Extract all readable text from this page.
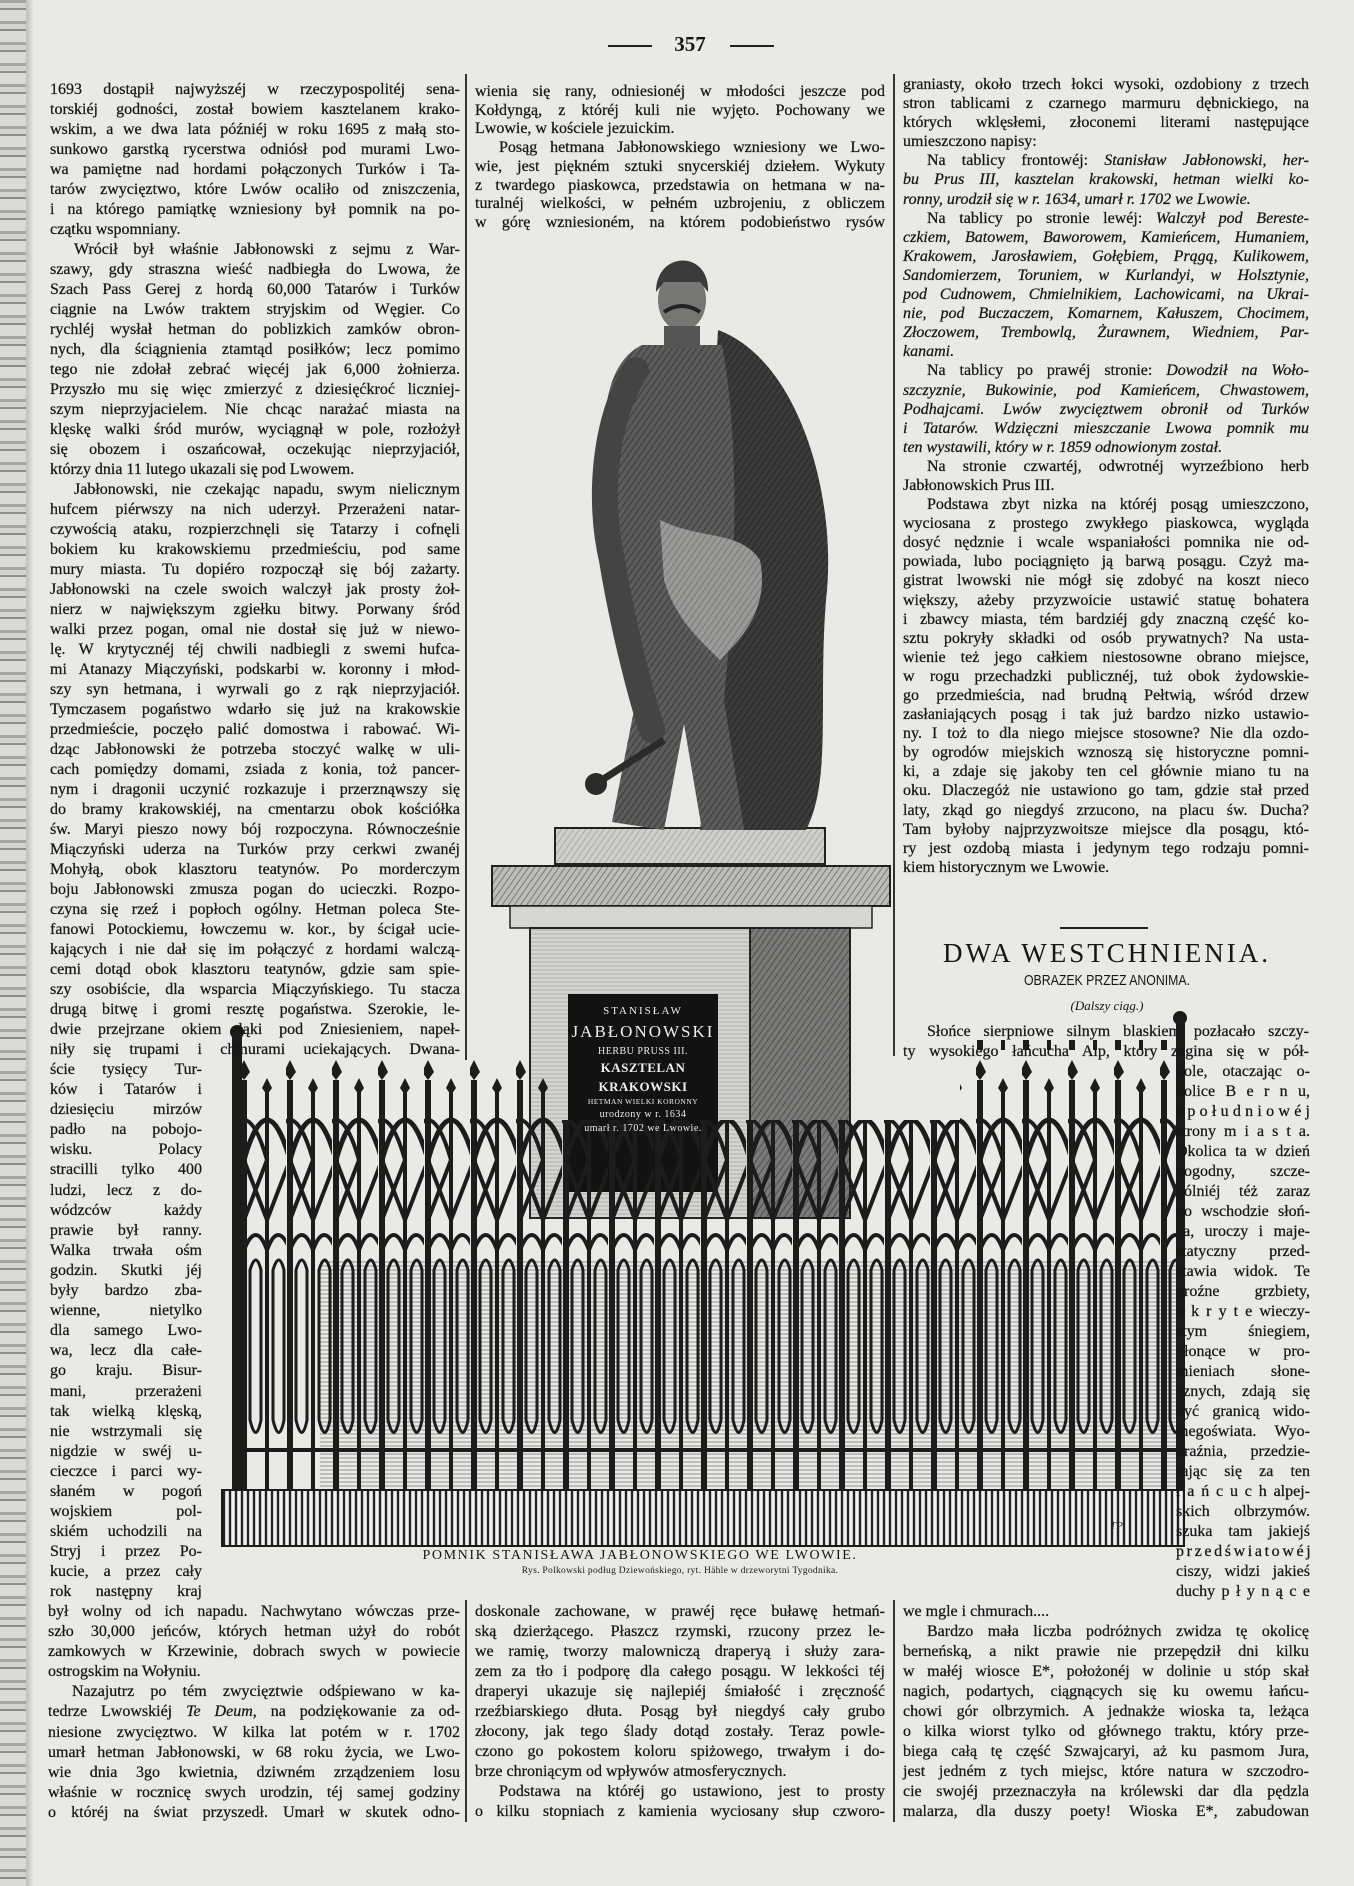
STANISŁAW
JABŁONOWSKI
HERBU PRUSS III.
KASZTELAN KRAKOWSKI
HETMAN WIELKI KORONNY
urodzony w r. 1634
umarł r. 1702 we Lwowie.
TP
357
1693 dostąpił najwyższéj w rzeczypospolitéj sena-
torskiéj godności, został bowiem kasztelanem krako-
wskim, a we dwa lata późniéj w roku 1695 z małą sto-
sunkowo garstką rycerstwa odniósł pod murami Lwo-
wa pamiętne nad hordami połączonych Turków i Ta-
tarów zwycięztwo, które Lwów ocaliło od zniszczenia,
i na którego pamiątkę wzniesiony był pomnik na po-
czątku wspomniany.
Wrócił był właśnie Jabłonowski z sejmu z War-
szawy, gdy straszna wieść nadbiegła do Lwowa, że
Szach Pass Gerej z hordą 60,000 Tatarów i Turków
ciągnie na Lwów traktem stryjskim od Węgier. Co
rychléj wysłał hetman do poblizkich zamków obron-
nych, dla ściągnienia ztamtąd posiłków; lecz pomimo
tego nie zdołał zebrać więcéj jak 6,000 żołnierza.
Przyszło mu się więc zmierzyć z dziesięćkroć liczniej-
szym nieprzyjacielem. Nie chcąc narażać miasta na
klęskę walki śród murów, wyciągnął w pole, rozłożył
się obozem i oszańcował, oczekując nieprzyjaciół,
którzy dnia 11 lutego ukazali się pod Lwowem.
Jabłonowski, nie czekając napadu, swym nielicznym
hufcem piérwszy na nich uderzył. Przerażeni natar-
czywością ataku, rozpierzchnęli się Tatarzy i cofnęli
bokiem ku krakowskiemu przedmieściu, pod same
mury miasta. Tu dopiéro rozpoczął się bój zażarty.
Jabłonowski na czele swoich walczył jak prosty żoł-
nierz w największym zgiełku bitwy. Porwany śród
walki przez pogan, omal nie dostał się już w niewo-
lę. W krytycznéj téj chwili nadbiegli z swemi hufca-
mi Atanazy Miączyński, podskarbi w. koronny i młod-
szy syn hetmana, i wyrwali go z rąk nieprzyjaciół.
Tymczasem pogaństwo wdarło się już na krakowskie
przedmieście, poczęło palić domostwa i rabować. Wi-
dząc Jabłonowski że potrzeba stoczyć walkę w uli-
cach pomiędzy domami, zsiada z konia, toż pancer-
nym i dragonii uczynić rozkazuje i przerznąwszy się
do bramy krakowskiéj, na cmentarzu obok kościółka
św. Maryi pieszo nowy bój rozpoczyna. Równocześnie
Miączyński uderza na Turków przy cerkwi zwanéj
Mohyłą, obok klasztoru teatynów. Po morderczym
boju Jabłonowski zmusza pogan do ucieczki. Rozpo-
czyna się rzeź i popłoch ogólny. Hetman poleca Ste-
fanowi Potockiemu, łowczemu w. kor., by ścigał ucie-
kających i nie dał się im połączyć z hordami walczą-
cemi dotąd obok klasztoru teatynów, gdzie sam spie-
szy osobiście, dla wsparcia Miączyńskiego. Tu stacza
drugą bitwę i gromi resztę pogaństwa. Szerokie, le-
dwie przejrzane okiem łąki pod Zniesieniem, napeł-
niły się trupami i chmurami uciekających. Dwana-
ście tysięcy Tur-
ków i Tatarów i
dziesięciu mirzów
padło na pobojo-
wisku. Polacy
stracilli tylko 400
ludzi, lecz z do-
wódzców każdy
prawie był ranny.
Walka trwała ośm
godzin. Skutki jéj
były bardzo zba-
wienne, nietylko
dla samego Lwo-
wa, lecz dla całe-
go kraju. Bisur-
mani, przerażeni
tak wielką klęską,
nie wstrzymali się
nigdzie w swéj u-
cieczce i parci wy-
słaném w pogoń
wojskiem pol-
skiém uchodzili na
Stryj i przez Po-
kucie, a przez cały
rok następny kraj
był wolny od ich napadu. Nachwytano wówczas prze-
szło 30,000 jeńców, których hetman użył do robót
zamkowych w Krzewinie, dobrach swych w powiecie
ostrogskim na Wołyniu.
Nazajutrz po tém zwycięztwie odśpiewano w ka-
tedrze Lwowskiéj Te Deum, na podziękowanie za od-
niesione zwycięztwo. W kilka lat potém w r. 1702
umarł hetman Jabłonowski, w 68 roku życia, we Lwo-
wie dnia 3go kwietnia, dziwném zrządzeniem losu
właśnie w rocznicę swych urodzin, téj samej godziny
o któréj na świat przyszedł. Umarł w skutek odno-
wienia się rany, odniesionéj w młodości jeszcze pod
Kołdyngą, z któréj kuli nie wyjęto. Pochowany we
Lwowie, w kościele jezuickim.
Posąg hetmana Jabłonowskiego wzniesiony we Lwo-
wie, jest piękném sztuki snycerskiéj dziełem. Wykuty
z twardego piaskowca, przedstawia on hetmana w na-
turalnéj wielkości, w pełném uzbrojeniu, z obliczem
w górę wzniesioném, na którem podobieństwo rysów
doskonale zachowane, w prawéj ręce buławę hetmań-
ską dzierżącego. Płaszcz rzymski, rzucony przez le-
we ramię, tworzy malowniczą draperyą i służy zara-
zem za tło i podporę dla całego posągu. W lekkości téj
draperyi ukazuje się najlepiéj śmiałość i zręczność
rzeźbiarskiego dłuta. Posąg był niegdyś cały grubo
złocony, jak tego ślady dotąd zostały. Teraz powle-
czono go pokostem koloru spiżowego, trwałym i do-
brze chroniącym od wpływów atmosferycznych.
Podstawa na któréj go ustawiono, jest to prosty
o kilku stopniach z kamienia wyciosany słup czworo-
graniasty, około trzech łokci wysoki, ozdobiony z trzech
stron tablicami z czarnego marmuru dębnickiego, na
których wklęsłemi, złoconemi literami następujące
umieszczono napisy:
Na tablicy frontowéj: Stanisław Jabłonowski, her-
bu Prus III, kasztelan krakowski, hetman wielki ko-
ronny, urodził się w r. 1634, umarł r. 1702 we Lwowie.
Na tablicy po stronie lewéj: Walczył pod Bereste-
czkiem, Batowem, Baworowem, Kamieńcem, Humaniem,
Krakowem, Jarosławiem, Gołębiem, Prągą, Kulikowem,
Sandomierzem, Toruniem, w Kurlandyi, w Holsztynie,
pod Cudnowem, Chmielnikiem, Lachowicami, na Ukrai-
nie, pod Buczaczem, Komarnem, Kałuszem, Chocimem,
Złoczowem, Trembowlą, Żurawnem, Wiedniem, Par-
kanami.
Na tablicy po prawéj stronie: Dowodził na Woło-
szczyznie, Bukowinie, pod Kamieńcem, Chwastowem,
Podhajcami. Lwów zwycięztwem obronił od Turków
i Tatarów. Wdzięczni mieszczanie Lwowa pomnik mu
ten wystawili, który w r. 1859 odnowionym został.
Na stronie czwartéj, odwrotnéj wyrzeźbiono herb
Jabłonowskich Prus III.
Podstawa zbyt nizka na któréj posąg umieszczono,
wyciosana z prostego zwykłego piaskowca, wygląda
dosyć nędznie i wcale wspaniałości pomnika nie od-
powiada, lubo pociągnięto ją barwą posągu. Czyż ma-
gistrat lwowski nie mógł się zdobyć na koszt nieco
większy, ażeby przyzwoicie ustawić statuę bohatera
i zbawcy miasta, tém bardziéj gdy znaczną część ko-
sztu pokryły składki od osób prywatnych? Na usta-
wienie też jego całkiem niestosowne obrano miejsce,
w rogu przechadzki publicznéj, tuż obok żydowskie-
go przedmieścia, nad brudną Pełtwią, wśród drzew
zasłaniających posąg i tak już bardzo nizko ustawio-
ny. I toż to dla niego miejsce stosowne? Nie dla ozdo-
by ogrodów miejskich wznoszą się historyczne pomni-
ki, a zdaje się jakoby ten cel głównie miano tu na
oku. Dlaczegóż nie ustawiono go tam, gdzie stał przed
laty, zkąd go niegdyś zrzucono, na placu św. Ducha?
Tam byłoby najprzyzwoitsze miejsce dla posągu, któ-
ry jest ozdobą miasta i jedynym tego rodzaju pomni-
kiem historycznym we Lwowie.
DWA WESTCHNIENIA.
OBRAZEK PRZEZ ANONIMA.
(Dalszy ciąg.)
Słońce sierpniowe silnym blaskiem pozłacało szczy-
ty wysokiego łańcucha Alp, który zagina się w pół-
kole, otaczając o-
kolice B e r n u,
z p o ł u d n i o w é j
strony m i a s t a.
Okolica ta w dzień
pogodny, szcze-
gólniéj téż zaraz
po wschodzie słoń-
ca, uroczy i maje-
statyczny przed-
stawia widok. Te
groźne grzbiety,
o k r y t e wieczy-
stym śniegiem,
płonące w pro-
mieniach słone-
cznych, zdają się
być granicą wido-
megoświata. Wyo-
braźnia, przedzie-
rając się za ten
ł a ń c u c h alpej-
skich olbrzymów.
szuka tam jakiejś
p r z e d ś w i a t o w é j
ciszy, widzi jakieś
duchy p ł y n ą c e
we mgle i chmurach....
Bardzo mała liczba podróżnych zwidza tę okolicę
berneńską, a nikt prawie nie przepędził dni kilku
w małéj wiosce E*, położonéj w dolinie u stóp skał
nagich, podartych, ciągnących się ku owemu łańcu-
chowi gór olbrzymich. A jednakże wioska ta, leżąca
o kilka wiorst tylko od głównego traktu, który prze-
biega całą tę część Szwajcaryi, aż ku pasmom Jura,
jest jedném z tych miejsc, które natura w szczodro-
cie swojéj przeznaczyła na królewski dar dla pędzla
malarza, dla duszy poety! Wioska E*, zabudowan
POMNIK STANISŁAWA JABŁONOWSKIEGO WE LWOWIE.
Rys. Polkowski podług Dziewońskiego, ryt. Hähle w drzeworytni Tygodnika.
